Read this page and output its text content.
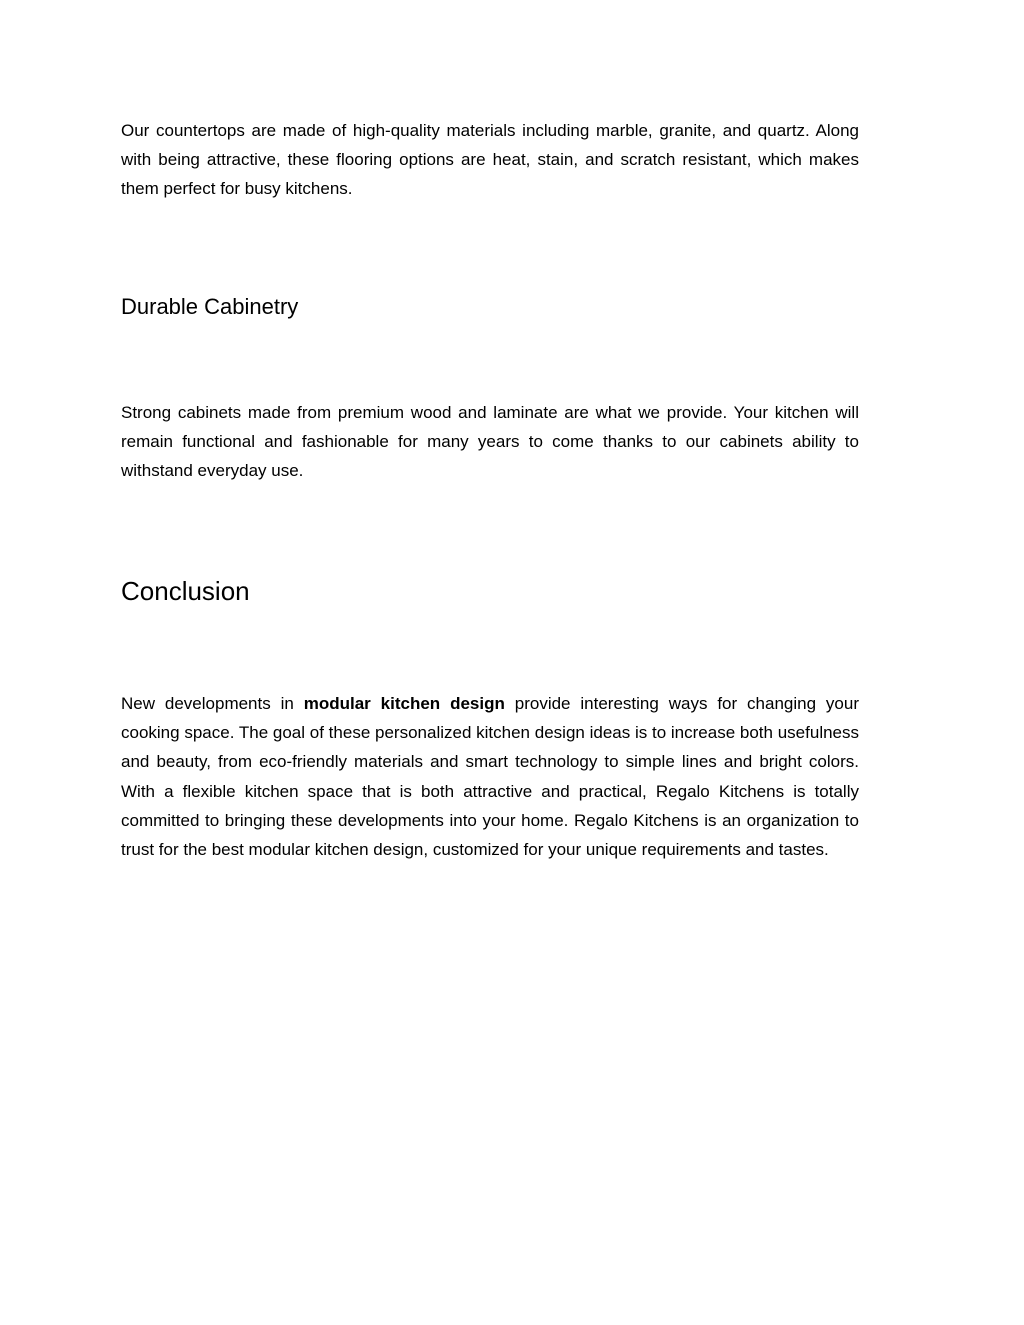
Our countertops are made of high-quality materials including marble, granite, and quartz. Along with being attractive, these flooring options are heat, stain, and scratch resistant, which makes them perfect for busy kitchens.

Durable Cabinetry

Strong cabinets made from premium wood and laminate are what we provide. Your kitchen will remain functional and fashionable for many years to come thanks to our cabinets ability to withstand everyday use.

Conclusion

New developments in modular kitchen design provide interesting ways for changing your cooking space. The goal of these personalized kitchen design ideas is to increase both usefulness and beauty, from eco-friendly materials and smart technology to simple lines and bright colors. With a flexible kitchen space that is both attractive and practical, Regalo Kitchens is totally committed to bringing these developments into your home. Regalo Kitchens is an organization to trust for the best modular kitchen design, customized for your unique requirements and tastes.
